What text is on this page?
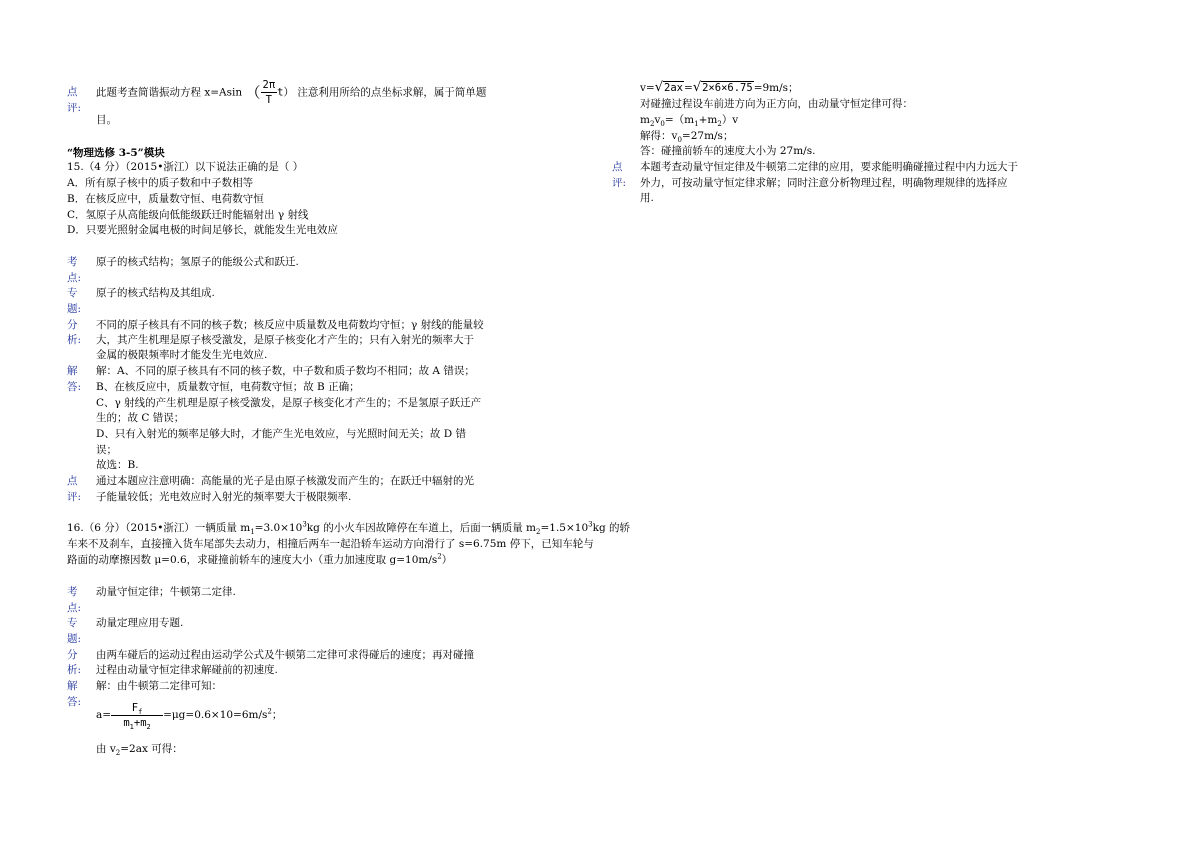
点
评:
此题考查简谐振动方程 x=Asin （ $\frac{2\pi}{T} t$） 注意利用所给的点坐标求解，属于简单题
目。
“物理选修 3-5”模块
15.（4 分）（2015•浙江）以下说法正确的是（ ）
A．所有原子核中的质子数和中子数相等
B．在核反应中，质量数守恒、电荷数守恒
C．氢原子从高能级向低能级跃迁时能辐射出 γ 射线
D．只要光照射金属电极的时间足够长，就能发生光电效应
考
点:
原子的核式结构；氢原子的能级公式和跃迁.
专
题:
原子的核式结构及其组成.
分
析:
不同的原子核具有不同的核子数；核反应中质量数及电荷数均守恒；γ 射线的能量较
大，其产生机理是原子核受激发，是原子核变化才产生的；只有入射光的频率大于
金属的极限频率时才能发生光电效应.
解
答:
解：A、不同的原子核具有不同的核子数，中子数和质子数均不相同；故 A 错误；
B、在核反应中，质量数守恒，电荷数守恒；故 B 正确；
C、γ 射线的产生机理是原子核受激发，是原子核变化才产生的；不是氢原子跃迁产
生的；故 C 错误；
D、只有入射光的频率足够大时，才能产生光电效应，与光照时间无关；故 D 错
误；
故选：B.
点
评:
通过本题应注意明确：高能量的光子是由原子核激发而产生的；在跃迁中辐射的光
子能量较低；光电效应时入射光的频率要大于极限频率.
16.（6 分）（2015•浙江）一辆质量 $m_1=3.0\times 10^3kg$ 的小火车因故障停在车道上，后面一辆质量 $m_2=1.5\times 10^3kg$ 的轿
车来不及刹车，直接撞入货车尾部失去动力，相撞后两车一起沿轿车运动方向滑行了 s=6.75m 停下，已知车轮与
路面的动摩擦因数 μ=0.6，求碰撞前轿车的速度大小（重力加速度取 $g=10m/s^2$）
考
点:
动量守恒定律；牛顿第二定律.
专
题:
动量定理应用专题.
分
析:
由两车碰后的运动过程由运动学公式及牛顿第二定律可求得碰后的速度；再对碰撞
过程由动量守恒定律求解碰前的初速度.
解
答:
解：由牛顿第二定律可知：
$a= \frac{F_f}{m_1+m_2} =\mu g=0.6\times 10=6m/s^2$；
由 $v_2=2ax$ 可得：
v=√2ax=√2×6×6.75=9m/s；
对碰撞过程设车前进方向为正方向，由动量守恒定律可得：
$m_2v_0=(m_1+m_2)v$
解得：$v_0=27m/s$；
答：碰撞前轿车的速度大小为 27m/s.
点
评:
本题考查动量守恒定律及牛顿第二定律的应用，要求能明确碰撞过程中内力远大于
外力，可按动量守恒定律求解；同时注意分析物理过程，明确物理规律的选择应
用.
